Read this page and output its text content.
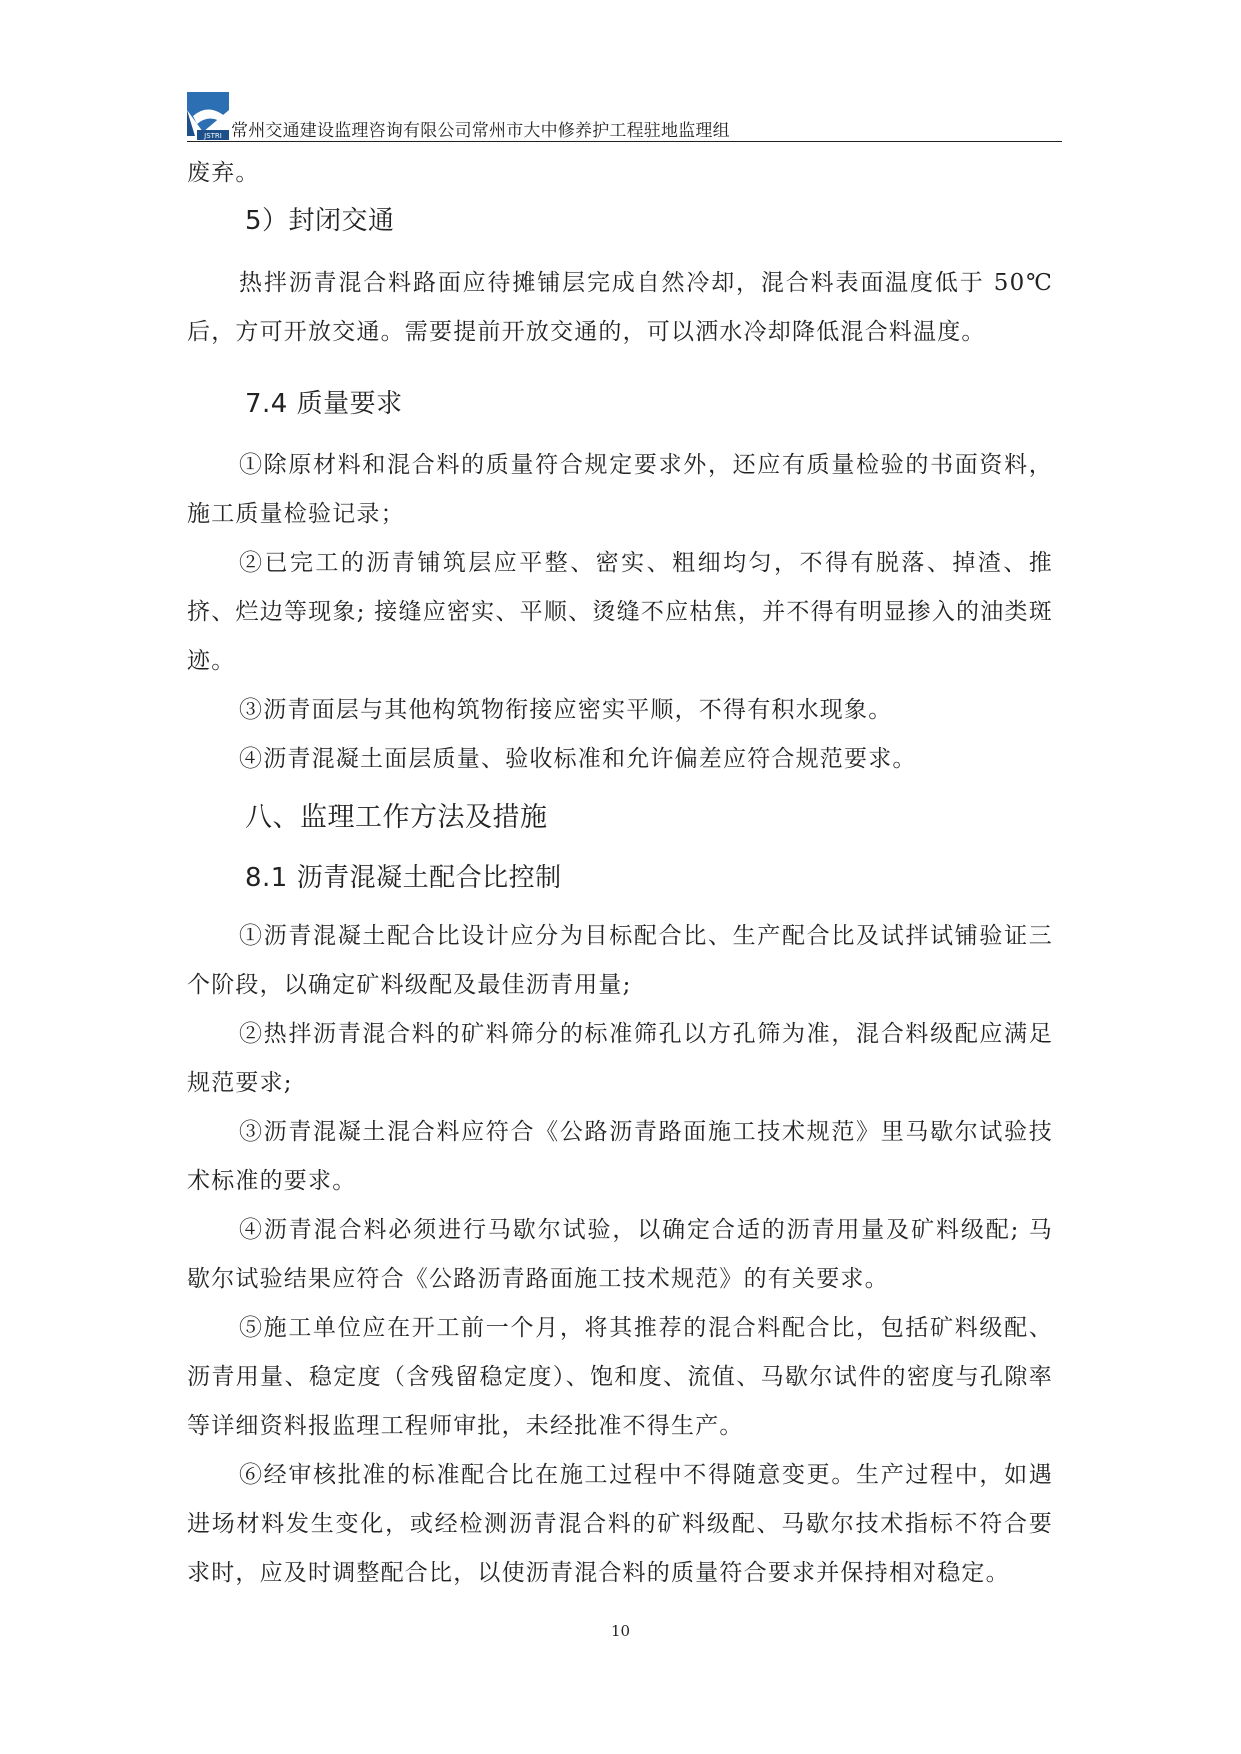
JSTRI 常州交通建设监理咨询有限公司常州市大中修养护工程驻地监理组

废弃。

5）封闭交通

热拌沥青混合料路面应待摊铺层完成自然冷却，混合料表面温度低于 50℃后，方可开放交通。需要提前开放交通的，可以洒水冷却降低混合料温度。

7.4 质量要求

①除原材料和混合料的质量符合规定要求外，还应有质量检验的书面资料，施工质量检验记录；

②已完工的沥青铺筑层应平整、密实、粗细均匀，不得有脱落、掉渣、推挤、烂边等现象; 接缝应密实、平顺、烫缝不应枯焦，并不得有明显掺入的油类斑迹。

③沥青面层与其他构筑物衔接应密实平顺，不得有积水现象。

④沥青混凝土面层质量、验收标准和允许偏差应符合规范要求。

八、监理工作方法及措施
8.1 沥青混凝土配合比控制

①沥青混凝土配合比设计应分为目标配合比、生产配合比及试拌试铺验证三个阶段，以确定矿料级配及最佳沥青用量;

②热拌沥青混合料的矿料筛分的标准筛孔以方孔筛为准，混合料级配应满足规范要求;

③沥青混凝土混合料应符合《公路沥青路面施工技术规范》里马歇尔试验技术标准的要求。

④沥青混合料必须进行马歇尔试验，以确定合适的沥青用量及矿料级配; 马歇尔试验结果应符合《公路沥青路面施工技术规范》的有关要求。

⑤施工单位应在开工前一个月，将其推荐的混合料配合比，包括矿料级配、沥青用量、稳定度（含残留稳定度）、饱和度、流值、马歇尔试件的密度与孔隙率等详细资料报监理工程师审批，未经批准不得生产。

⑥经审核批准的标准配合比在施工过程中不得随意变更。生产过程中，如遇进场材料发生变化，或经检测沥青混合料的矿料级配、马歇尔技术指标不符合要求时，应及时调整配合比，以使沥青混合料的质量符合要求并保持相对稳定。

10
